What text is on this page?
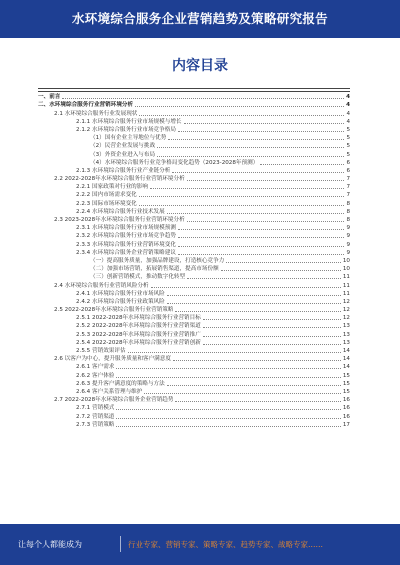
水环境综合服务企业营销趋势及策略研究报告
内容目录
一、前言	4
二、水环境综合服务行业营销环境分析	4
2.1 水环境综合服务行业发展现状	4
2.1.1 水环境综合服务行业市场规模与增长	4
2.1.2 水环境综合服务行业市场竞争格局	5
（1）国有企业主导地位与优势	5
（2）民营企业发展与挑战	5
（3）外资企业进入与布局	5
（4）水环境综合服务行业竞争格局变化趋势（2023-2028年预测）	6
2.1.3 水环境综合服务行业产业链分析	6
2.2 2022-2028年水环境综合服务行业营销环境分析	7
2.2.1 国家政策对行业的影响	7
2.2.2 国内市场需求变化	7
2.2.3 国际市场环境变化	8
2.2.4 水环境综合服务行业技术发展	8
2.3 2023-2028年水环境综合服务行业营销环境分析	8
2.3.1 水环境综合服务行业市场规模预测	9
2.3.2 水环境综合服务行业市场竞争趋势	9
2.3.3 水环境综合服务行业营销环境变化	9
2.3.4 水环境综合服务企业营销策略建议	9
（一）提高服务质量，加强品牌建设，打造核心竞争力	10
（二）加强市场营销，拓展销售渠道，提高市场份额	10
（三）创新营销模式，推动数字化转型	11
2.4 水环境综合服务行业营销风险分析	11
2.4.1 水环境综合服务行业市场风险	11
2.4.2 水环境综合服务行业政策风险	12
2.5 2022-2028年水环境综合服务行业营销策略	12
2.5.1 2022-2028年水环境综合服务行业营销目标	12
2.5.2 2022-2028年水环境综合服务行业营销渠道	13
2.5.3 2022-2028年水环境综合服务行业营销推广	13
2.5.4 2022-2028年水环境综合服务行业营销创新	13
2.5.5 营销效果评估	14
2.6 以客户为中心，提升服务质量和客户满意度	14
2.6.1 客户需求	14
2.6.2 客户体验	15
2.6.3 提升客户满意度的策略与方法	15
2.6.4 客户关系管理与维护	15
2.7 2022-2028年水环境综合服务企业营销趋势	16
2.7.1 营销模式	16
2.7.2 营销渠道	16
2.7.3 营销策略	17
让每个人都能成为	行业专家、营销专家、策略专家、趋势专家、战略专家……
